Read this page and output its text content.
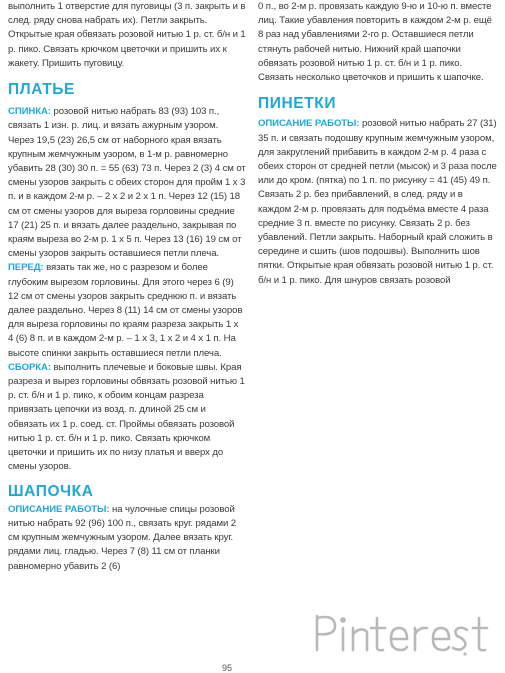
выполнить 1 отверстие для пуговицы (3 п. закрыть и в след. ряду снова набрать их). Петли закрыть. Открытые края обвязать розовой нитью 1 р. ст. б/н и 1 р. пико. Связать крючком цветочки и пришить их к жакету. Пришить пуговицу.

ПЛАТЬЕ

СПИНКА: розовой нитью набрать 83 (93) 103 п., связать 1 изн. р. лиц. и вязать ажурным узором. Через 19,5 (23) 26,5 см от наборного края вязать крупным жемчужным узором, в 1-м р. равномерно убавить 28 (30) 30 п. = 55 (63) 73 п. Через 2 (3) 4 см от смены узоров закрыть с обеих сторон для пройм 1 х 3 п. и в каждом 2-м р. – 2 х 2 и 2 х 1 п. Через 12 (15) 18 см от смены узоров для выреза горловины средние 17 (21) 25 п. и вязать далее раздельно, закрывая по краям выреза во 2-м р. 1 х 5 п. Через 13 (16) 19 см от смены узоров закрыть оставшиеся петли плеча.

ПЕРЕД: вязать так же, но с разрезом и более глубоким вырезом горловины. Для этого через 6 (9) 12 см от смены узоров закрыть среднюю п. и вязать далее раздельно. Через 8 (11) 14 см от смены узоров для выреза горловины по краям разреза закрыть 1 х 4 (6) 8 п. и в каждом 2-м р. – 1 х 3, 1 х 2 и 4 х 1 п. На высоте спинки закрыть оставшиеся петли плеча.

СБОРКА: выполнить плечевые и боковые швы. Края разреза и вырез горловины обвязать розовой нитью 1 р. ст. б/н и 1 р. пико, к обоим концам разреза привязать цепочки из возд. п. длиной 25 см и обвязать их 1 р. соед. ст. Проймы обвязать розовой нитью 1 р. ст. б/н и 1 р. пико. Связать крючком цветочки и пришить их по низу платья и вверх до смены узоров.

ШАПОЧКА

ОПИСАНИЕ РАБОТЫ: на чулочные спицы розовой нитью набрать 92 (96) 100 п., связать круг. рядами 2 см крупным жемчужным узором. Далее вязать круг. рядами лиц. гладью. Через 7 (8) 11 см от планки равномерно убавить 2 (6)

0 п., во 2-м р. провязать каждую 9-ю и 10-ю п. вместе лиц. Такие убавления повторить в каждом 2-м р. ещё 8 раз над убавлениями 2-го р. Оставшиеся петли стянуть рабочей нитью. Нижний край шапочки обвязать розовой нитью 1 р. ст. б/н и 1 р. пико. Связать несколько цветочков и пришить к шапочке.

ПИНЕТКИ

ОПИСАНИЕ РАБОТЫ: розовой нитью набрать 27 (31) 35 п. и связать подошву крупным жемчужным узором, для закруглений прибавить в каждом 2-м р. 4 раза с обеих сторон от средней петли (мысок) и 3 раза после или до кром. (пятка) по 1 п. по рисунку = 41 (45) 49 п. Связать 2 р. без прибавлений, в след. ряду и в каждом 2-м р. провязать для подъёма вместе 4 раза средние 3 п. вместе по рисунку. Связать 2 р. без убавлений. Петли закрыть. Наборный край сложить в середине и сшить (шов подошвы). Выполнить шов пятки. Открытые края обвязать розовой нитью 1 р. ст. б/н и 1 р. пико. Для шнуров связать розовой

95
